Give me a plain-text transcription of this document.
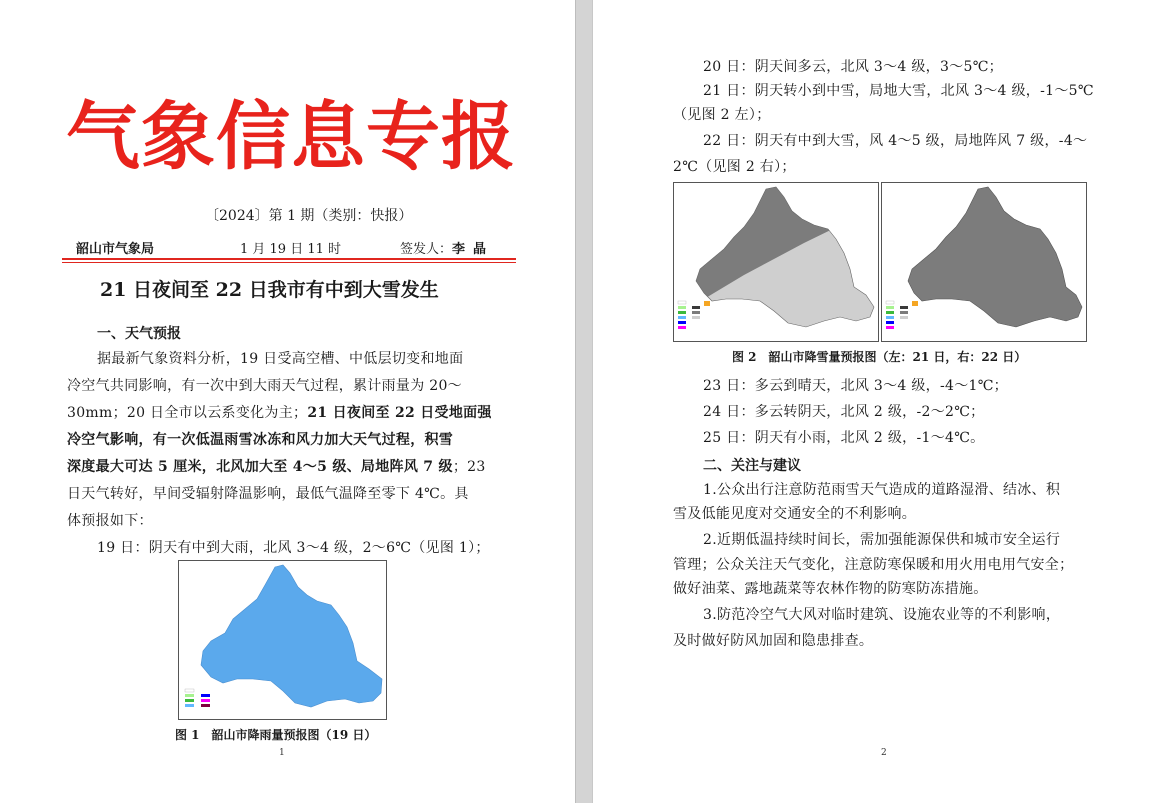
气象信息专报
〔2024〕第 1 期（类别：快报）
韶山市气象局	1 月 19 日 11 时	签发人：李晶
21 日夜间至 22 日我市有中到大雪发生
一、天气预报
据最新气象资料分析，19 日受高空槽、中低层切变和地面
冷空气共同影响，有一次中到大雨天气过程，累计雨量为 20～
30mm；20 日全市以云系变化为主；21 日夜间至 22 日受地面强
冷空气影响，有一次低温雨雪冰冻和风力加大天气过程，积雪
深度最大可达 5 厘米，北风加大至 4～5 级、局地阵风 7 级；23
日天气转好，早间受辐射降温影响，最低气温降至零下 4℃。具
体预报如下：
19 日：阴天有中到大雨，北风 3～4 级，2～6℃（见图 1）；
图 1　韶山市降雨量预报图（19 日）
1
20 日：阴天间多云，北风 3～4 级，3～5℃；
21 日：阴天转小到中雪，局地大雪，北风 3～4 级，-1～5℃
（见图 2 左）；
22 日：阴天有中到大雪，风 4～5 级，局地阵风 7 级，-4～
2℃（见图 2 右）；
图 2　韶山市降雪量预报图（左：21 日，右：22 日）
23 日：多云到晴天，北风 3～4 级，-4～1℃；
24 日：多云转阴天，北风 2 级，-2～2℃；
25 日：阴天有小雨，北风 2 级，-1～4℃。
二、关注与建议
1.公众出行注意防范雨雪天气造成的道路湿滑、结冰、积
雪及低能见度对交通安全的不利影响。
2.近期低温持续时间长，需加强能源保供和城市安全运行
管理；公众关注天气变化，注意防寒保暖和用火用电用气安全；
做好油菜、露地蔬菜等农林作物的防寒防冻措施。
3.防范冷空气大风对临时建筑、设施农业等的不利影响，
及时做好防风加固和隐患排查。
2
